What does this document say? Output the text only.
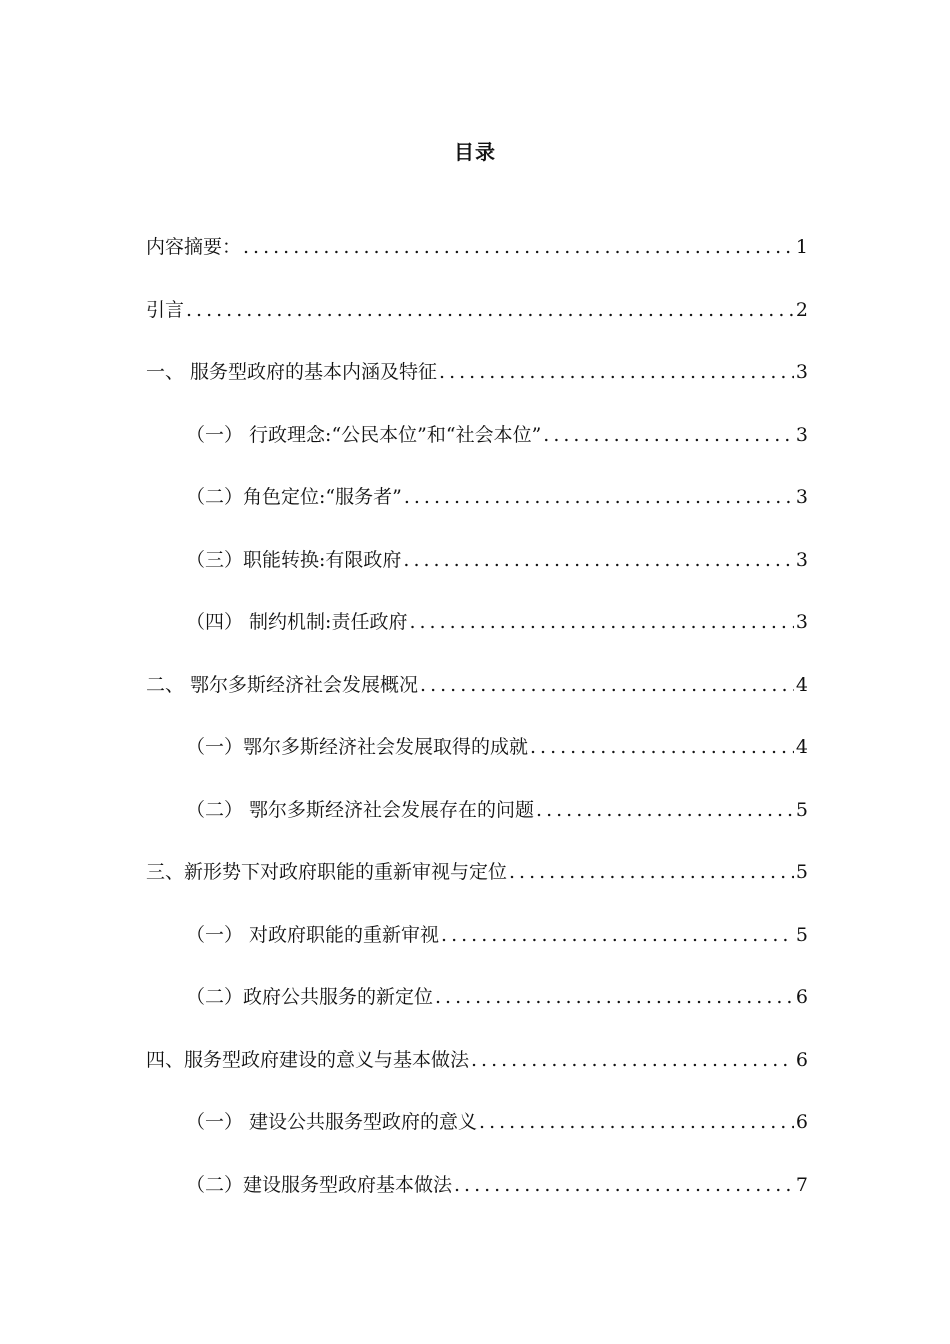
目录
内容摘要： .....	1
引言 .....	2
一、 服务型政府的基本内涵及特征 .....	3
（一） 行政理念:“公民本位”和“社会本位” .....	3
（二）角色定位:“服务者” .....	3
（三）职能转换:有限政府 .....	3
（四） 制约机制:责任政府 .....	3
二、 鄂尔多斯经济社会发展概况 .....	4
（一）鄂尔多斯经济社会发展取得的成就 .....	4
（二） 鄂尔多斯经济社会发展存在的问题 .....	5
三、新形势下对政府职能的重新审视与定位 .....	5
（一） 对政府职能的重新审视 .....	5
（二）政府公共服务的新定位 .....	6
四、服务型政府建设的意义与基本做法 .....	6
（一） 建设公共服务型政府的意义 .....	6
（二）建设服务型政府基本做法 .....	7
